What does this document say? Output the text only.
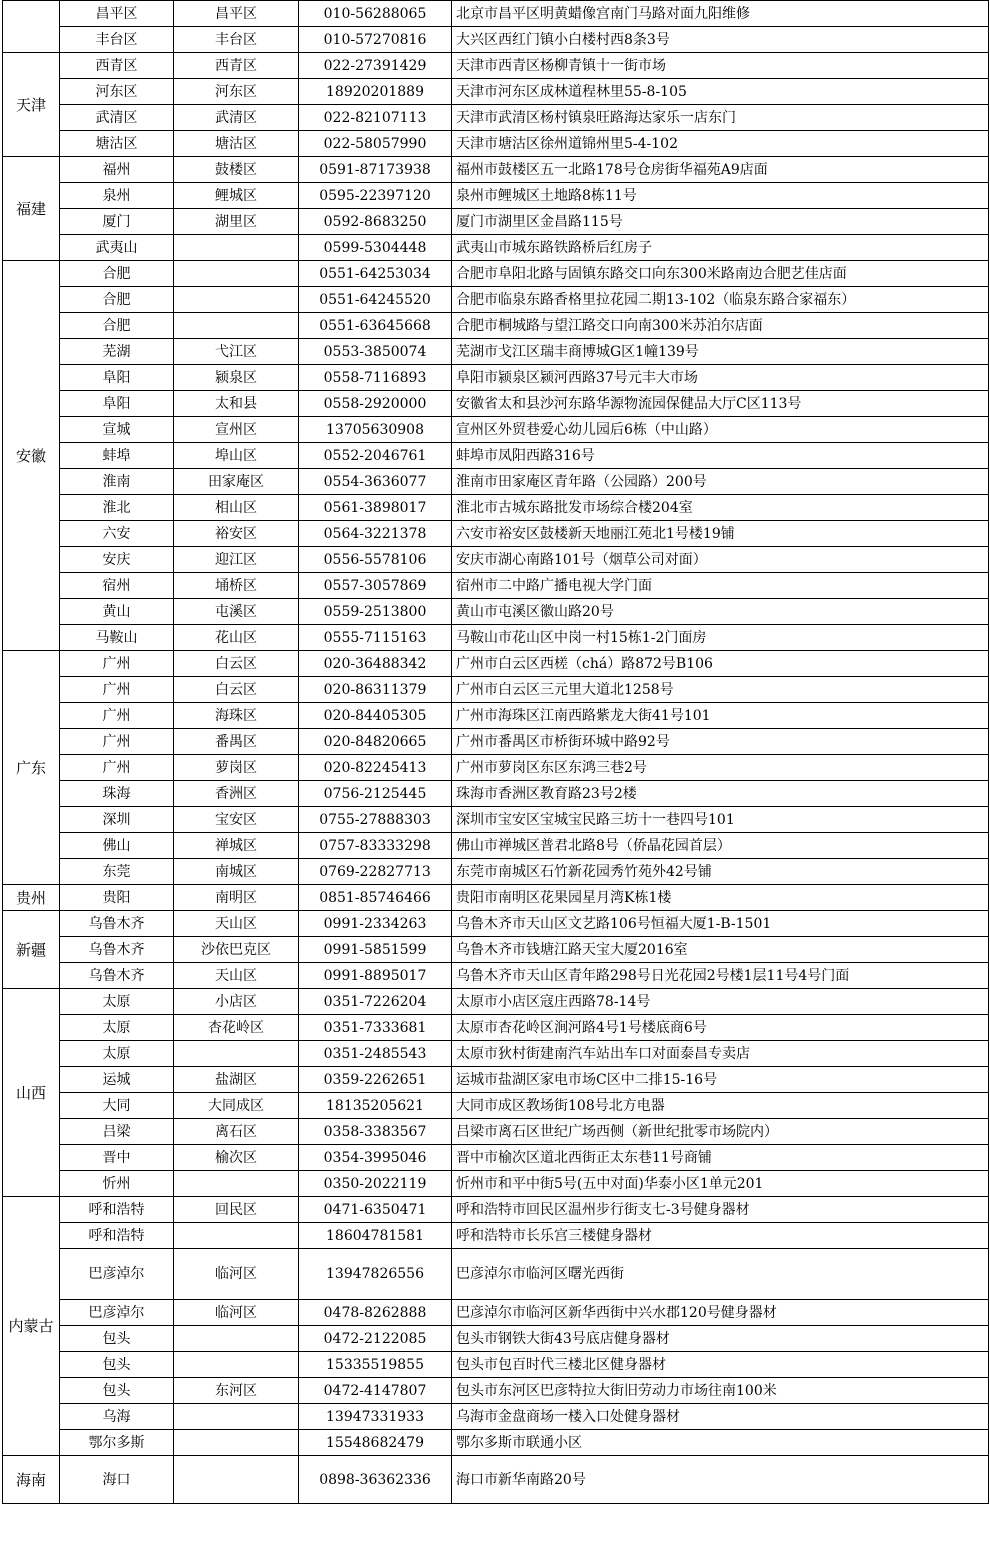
	昌平区	昌平区	010-56288065	北京市昌平区明黄蜡像宫南门马路对面九阳维修
	丰台区	丰台区	010-57270816	大兴区西红门镇小白楼村西8条3号
天津	西青区	西青区	022-27391429	天津市西青区杨柳青镇十一街市场
	河东区	河东区	18920201889	天津市河东区成林道程林里55-8-105
	武清区	武清区	022-82107113	天津市武清区杨村镇泉旺路海达家乐一店东门
	塘沽区	塘沽区	022-58057990	天津市塘沽区徐州道锦州里5-4-102
福建	福州	鼓楼区	0591-87173938	福州市鼓楼区五一北路178号仓房街华福苑A9店面
	泉州	鲤城区	0595-22397120	泉州市鲤城区土地路8栋11号
	厦门	湖里区	0592-8683250	厦门市湖里区金昌路115号
	武夷山		0599-5304448	武夷山市城东路铁路桥后红房子
安徽	合肥		0551-64253034	合肥市阜阳北路与固镇东路交口向东300米路南边合肥艺佳店面
	合肥		0551-64245520	合肥市临泉东路香格里拉花园二期13-102（临泉东路合家福东）
	合肥		0551-63645668	合肥市桐城路与望江路交口向南300米苏泊尔店面
	芜湖	弋江区	0553-3850074	芜湖市戈江区瑞丰商博城G区1幢139号
	阜阳	颍泉区	0558-7116893	阜阳市颍泉区颍河西路37号元丰大市场
	阜阳	太和县	0558-2920000	安徽省太和县沙河东路华源物流园保健品大厅C区113号
	宣城	宣州区	13705630908	宣州区外贸巷爱心幼儿园后6栋（中山路）
	蚌埠	埠山区	0552-2046761	蚌埠市凤阳西路316号
	淮南	田家庵区	0554-3636077	淮南市田家庵区青年路（公园路）200号
	淮北	相山区	0561-3898017	淮北市古城东路批发市场综合楼204室
	六安	裕安区	0564-3221378	六安市裕安区鼓楼新天地丽江苑北1号楼19铺
	安庆	迎江区	0556-5578106	安庆市湖心南路101号（烟草公司对面）
	宿州	埇桥区	0557-3057869	宿州市二中路广播电视大学门面
	黄山	屯溪区	0559-2513800	黄山市屯溪区徽山路20号
	马鞍山	花山区	0555-7115163	马鞍山市花山区中岗一村15栋1-2门面房
广东	广州	白云区	020-36488342	广州市白云区西槎（chá）路872号B106
	广州	白云区	020-86311379	广州市白云区三元里大道北1258号
	广州	海珠区	020-84405305	广州市海珠区江南西路紫龙大街41号101
	广州	番禺区	020-84820665	广州市番禺区市桥街环城中路92号
	广州	萝岗区	020-82245413	广州市萝岗区东区东鸿三巷2号
	珠海	香洲区	0756-2125445	珠海市香洲区教育路23号2楼
	深圳	宝安区	0755-27888303	深圳市宝安区宝城宝民路三坊十一巷四号101
	佛山	禅城区	0757-83333298	佛山市禅城区普君北路8号（侨晶花园首层）
	东莞	南城区	0769-22827713	东莞市南城区石竹新花园秀竹苑外42号铺
贵州	贵阳	南明区	0851-85746466	贵阳市南明区花果园星月湾K栋1楼
新疆	乌鲁木齐	天山区	0991-2334263	乌鲁木齐市天山区文艺路106号恒福大厦1-B-1501
	乌鲁木齐	沙依巴克区	0991-5851599	乌鲁木齐市钱塘江路天宝大厦2016室
	乌鲁木齐	天山区	0991-8895017	乌鲁木齐市天山区青年路298号日光花园2号楼1层11号4号门面
山西	太原	小店区	0351-7226204	太原市小店区寇庄西路78-14号
	太原	杏花岭区	0351-7333681	太原市杏花岭区涧河路4号1号楼底商6号
	太原		0351-2485543	太原市狄村街建南汽车站出车口对面泰昌专卖店
	运城	盐湖区	0359-2262651	运城市盐湖区家电市场C区中二排15-16号
	大同	大同成区	18135205621	大同市成区教场街108号北方电器
	吕梁	离石区	0358-3383567	吕梁市离石区世纪广场西侧（新世纪批零市场院内）
	晋中	榆次区	0354-3995046	晋中市榆次区道北西街正太东巷11号商铺
	忻州		0350-2022119	忻州市和平中街5号(五中对面)华泰小区1单元201
内蒙古	呼和浩特	回民区	0471-6350471	呼和浩特市回民区温州步行街支七-3号健身器材
	呼和浩特		18604781581	呼和浩特市长乐宫三楼健身器材
	巴彦淖尔	临河区	13947826556	巴彦淖尔市临河区曙光西街
	巴彦淖尔	临河区	0478-8262888	巴彦淖尔市临河区新华西街中兴水郡120号健身器材
	包头		0472-2122085	包头市钢铁大街43号底店健身器材
	包头		15335519855	包头市包百时代三楼北区健身器材
	包头	东河区	0472-4147807	包头市东河区巴彦特拉大街旧劳动力市场往南100米
	乌海		13947331933	乌海市金盘商场一楼入口处健身器材
	鄂尔多斯		15548682479	鄂尔多斯市联通小区
海南	海口		0898-36362336	海口市新华南路20号
